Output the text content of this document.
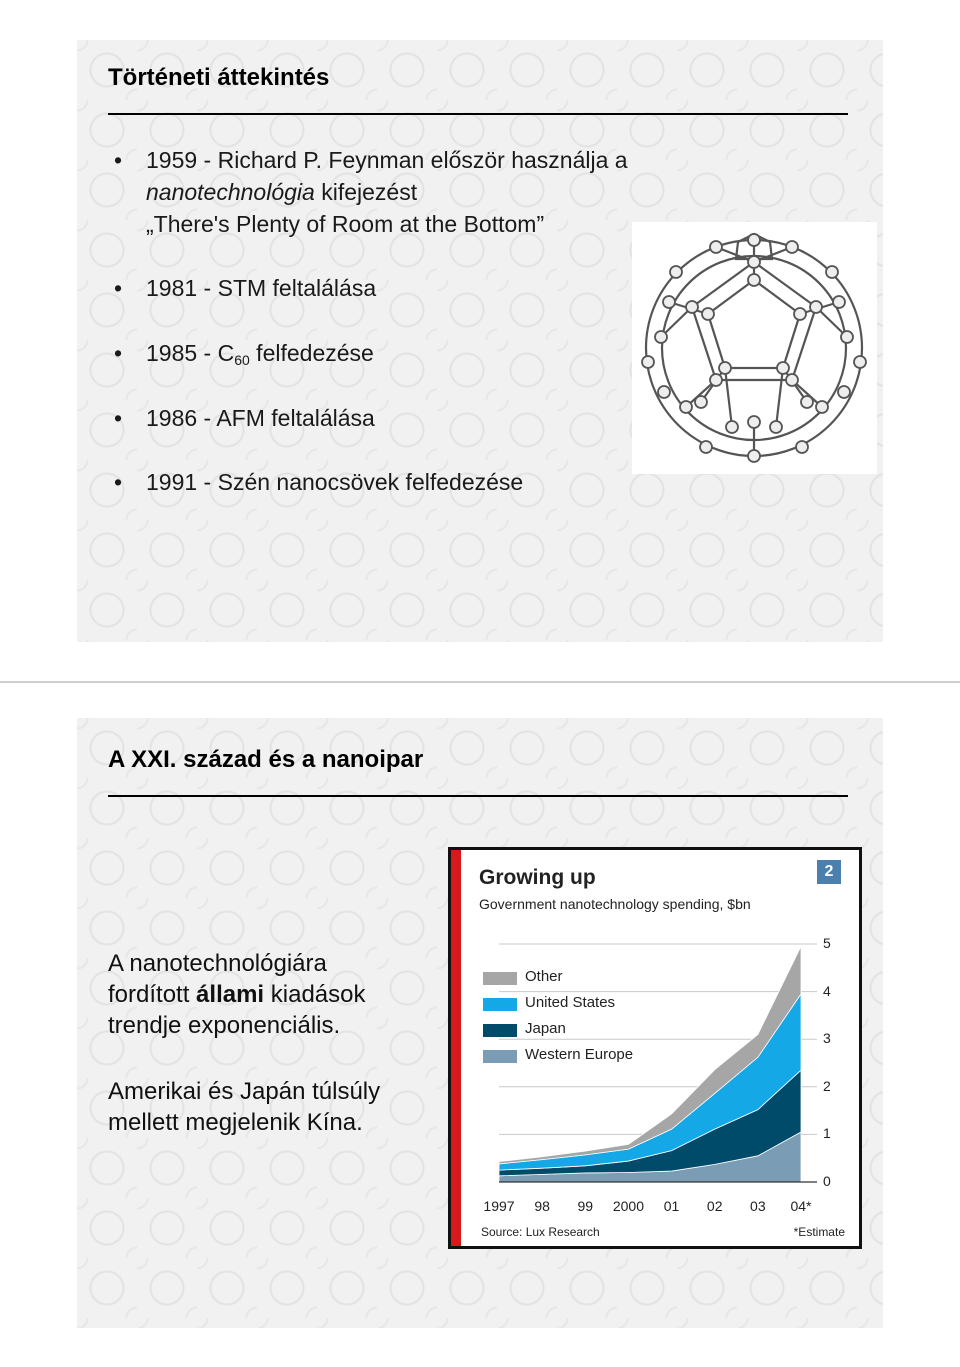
Történeti áttekintés
• 1959 - Richard P. Feynman először használja a
nanotechnológia kifejezést
„There's Plenty of Room at the Bottom”
• 1981 - STM feltalálása
• $1985 - C_{60}$ felfedezése
• 1986 - AFM feltalálása
• 1991 - Szén nanocsövek felfedezése
A XXI. század és a nanoipar
A nanotechnológiára
fordított állami kiadások
trendje exponenciális.
Amerikai és Japán túlsúly
mellett megjelenik Kína.
Growing up
Government nanotechnology spending, $bn
2
Other
United States
Japan
Western Europe
1997	98	99	2000	01	02	03	04*
0
1
2
3
4
5
Source: Lux Research	*Estimate
